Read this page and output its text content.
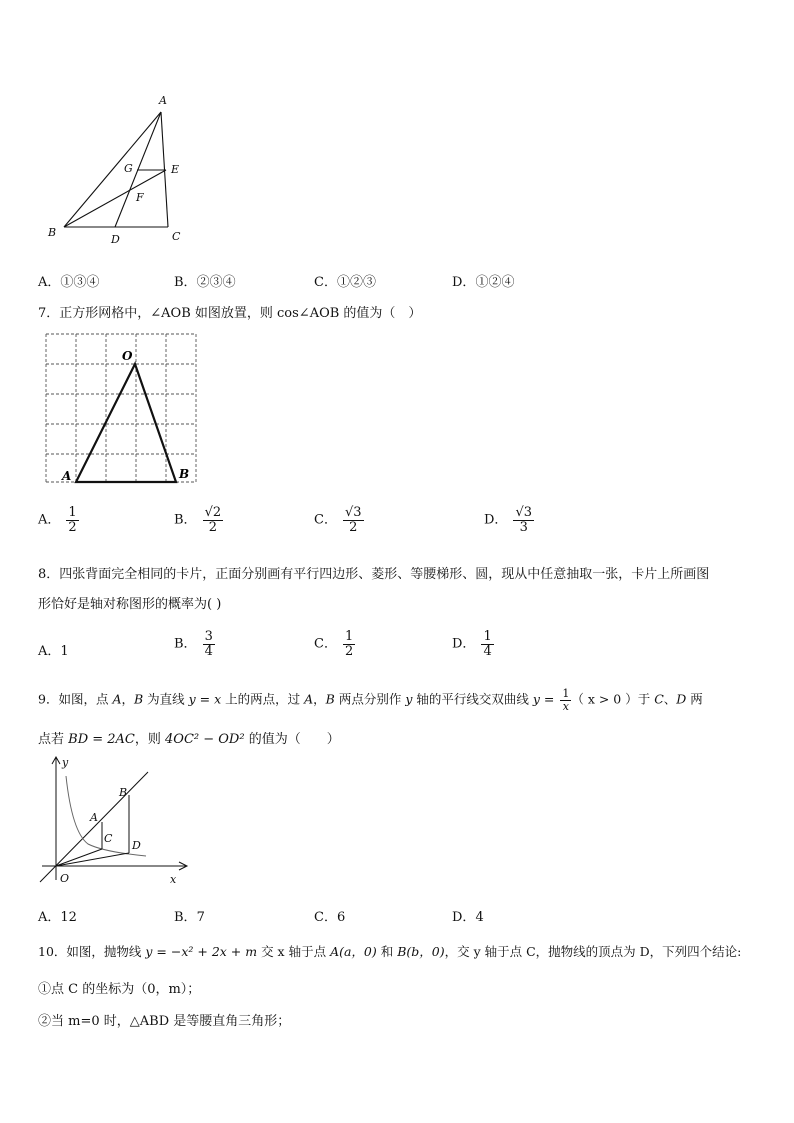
A
B	C
D
E
F
G
A．①③④	B．②③④	C．①②③	D．①②④
7．正方形网格中，∠AOB 如图放置，则 cos∠AOB 的值为（　）
O
A	B
A． $\frac{1}{2}$	B． $\frac{√2}{2}$	C． $\frac{√3}{2}$	D． $\frac{√3}{3}$
8．四张背面完全相同的卡片，正面分别画有平行四边形、菱形、等腰梯形、圆，现从中任意抽取一张，卡片上所画图
形恰好是轴对称图形的概率为( )
A．1	B． $\frac{3}{4}$	C． $\frac{1}{2}$	D． $\frac{1}{4}$
9．如图，点 A，B 为直线 y = x 上的两点，过 A，B 两点分别作 y 轴的平行线交双曲线 $y = \frac{1}{x}$ （ x > 0 ）于 C、D 两
点若 BD = 2AC，则 4OC² − OD² 的值为（　　）
y
x
O
A
B
C
D
A．12	B．7	C．6	D．4
10．如图，抛物线 y = −x² + 2x + m 交 x 轴于点 A(a，0) 和 B(b，0)，交 y 轴于点 C，抛物线的顶点为 D，下列四个结论:
①点 C 的坐标为（0，m）；
②当 m=0 时，△ABD 是等腰直角三角形；
